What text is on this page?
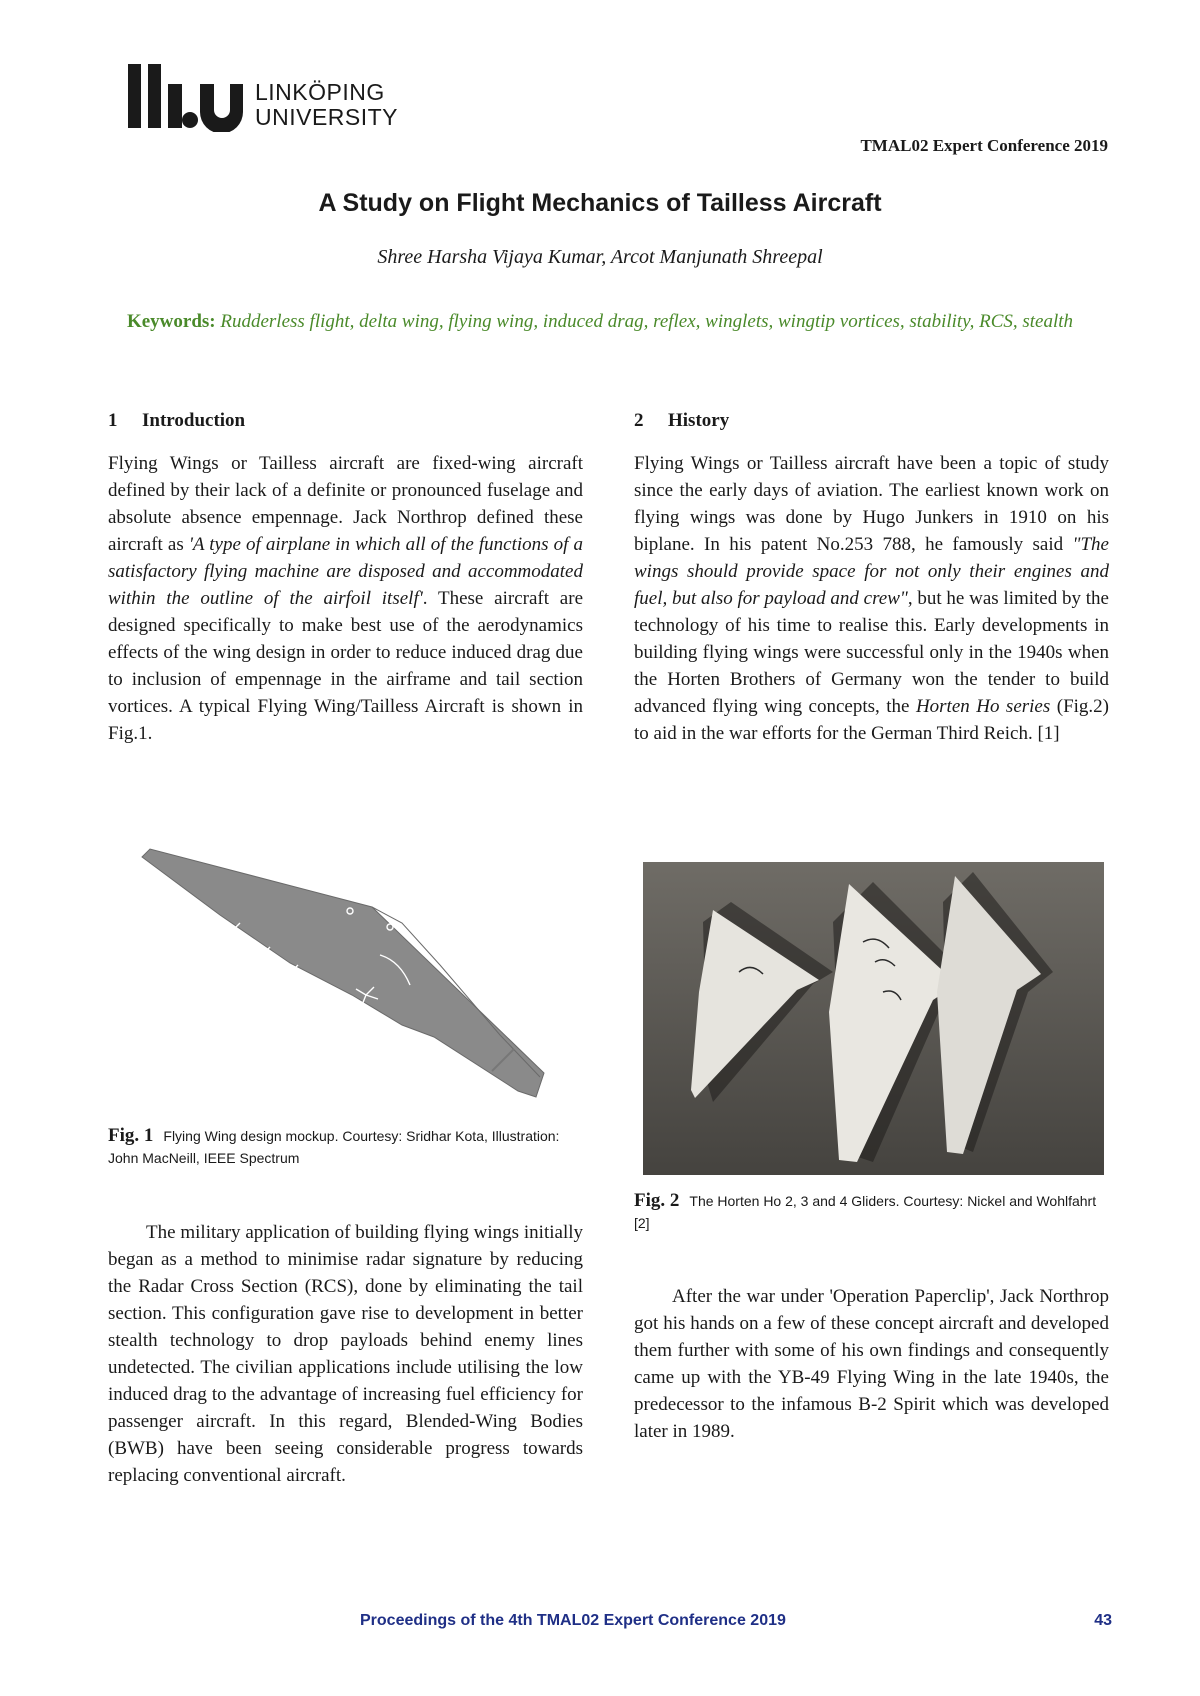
LINKÖPING
UNIVERSITY
TMAL02 Expert Conference 2019
A Study on Flight Mechanics of Tailless Aircraft
Shree Harsha Vijaya Kumar, Arcot Manjunath Shreepal
Keywords: Rudderless flight, delta wing, flying wing, induced drag, reflex, winglets, wingtip vortices, stability, RCS, stealth
1 Introduction

Flying Wings or Tailless aircraft are fixed-wing aircraft defined by their lack of a definite or pronounced fuselage and absolute absence empennage. Jack Northrop defined these aircraft as 'A type of airplane in which all of the functions of a satisfactory flying machine are disposed and accommodated within the outline of the airfoil itself'. These aircraft are designed specifically to make best use of the aerodynamics effects of the wing design in order to reduce induced drag due to inclusion of empennage in the airframe and tail section vortices. A typical Flying Wing/Tailless Aircraft is shown in Fig.1.

Fig. 1 Flying Wing design mockup. Courtesy: Sridhar Kota, Illustration: John MacNeill, IEEE Spectrum

The military application of building flying wings initially began as a method to minimise radar signature by reducing the Radar Cross Section (RCS), done by eliminating the tail section. This configuration gave rise to development in better stealth technology to drop payloads behind enemy lines undetected. The civilian applications include utilising the low induced drag to the advantage of increasing fuel efficiency for passenger aircraft. In this regard, Blended-Wing Bodies (BWB) have been seeing considerable progress towards replacing conventional aircraft.

2 History

Flying Wings or Tailless aircraft have been a topic of study since the early days of aviation. The earliest known work on flying wings was done by Hugo Junkers in 1910 on his biplane. In his patent No.253 788, he famously said "The wings should provide space for not only their engines and fuel, but also for payload and crew", but he was limited by the technology of his time to realise this. Early developments in building flying wings were successful only in the 1940s when the Horten Brothers of Germany won the tender to build advanced flying wing concepts, the Horten Ho series (Fig.2) to aid in the war efforts for the German Third Reich. [1]

Fig. 2 The Horten Ho 2, 3 and 4 Gliders. Courtesy: Nickel and Wohlfahrt [2]

After the war under 'Operation Paperclip', Jack Northrop got his hands on a few of these concept aircraft and developed them further with some of his own findings and consequently came up with the YB-49 Flying Wing in the late 1940s, the predecessor to the infamous B-2 Spirit which was developed later in 1989.

Proceedings of the 4th TMAL02 Expert Conference 2019	43
